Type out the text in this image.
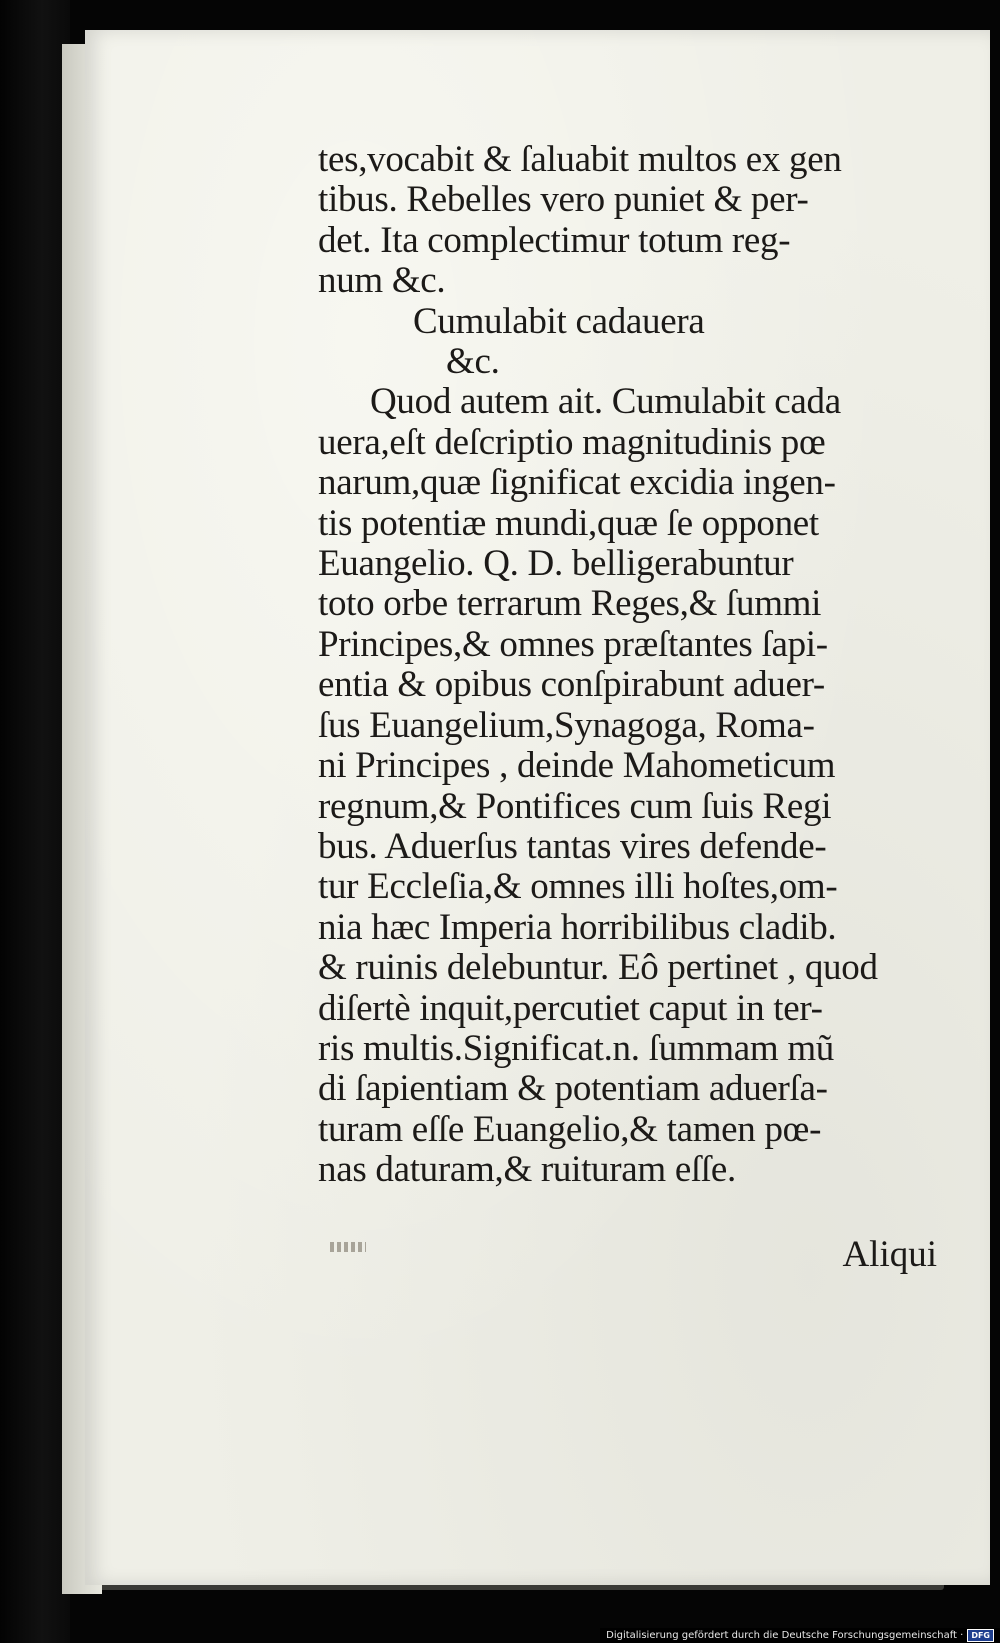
tes,vocabit & ſaluabit multos ex gen
tibus. Rebelles vero puniet & per-
det. Ita complectimur totum reg-
num &c.
Cumulabit cadauera
&c.
Quod autem ait. Cumulabit cada
uera,eſt deſcriptio magnitudinis pœ
narum,quæ ſignificat excidia ingen-
tis potentiæ mundi,quæ ſe opponet
Euangelio. Q. D. belligerabuntur
toto orbe terrarum Reges,& ſummi
Principes,& omnes præſtantes ſapi-
entia & opibus conſpirabunt aduer-
ſus Euangelium,Synagoga, Roma-
ni Principes , deinde Mahometicum
regnum,& Pontifices cum ſuis Regi
bus. Aduerſus tantas vires defende-
tur Eccleſia,& omnes illi hoſtes,om-
nia hæc Imperia horribilibus cladib.
& ruinis delebuntur. Eô pertinet , quod
diſertè inquit,percutiet caput in ter-
ris multis.Significat.n. ſummam mũ
di ſapientiam & potentiam aduerſa-
turam eſſe Euangelio,& tamen pœ-
nas daturam,& ruituram eſſe.
Aliqui
Digitalisierung gefördert durch die Deutsche Forschungsgemeinschaft ·	DFG
